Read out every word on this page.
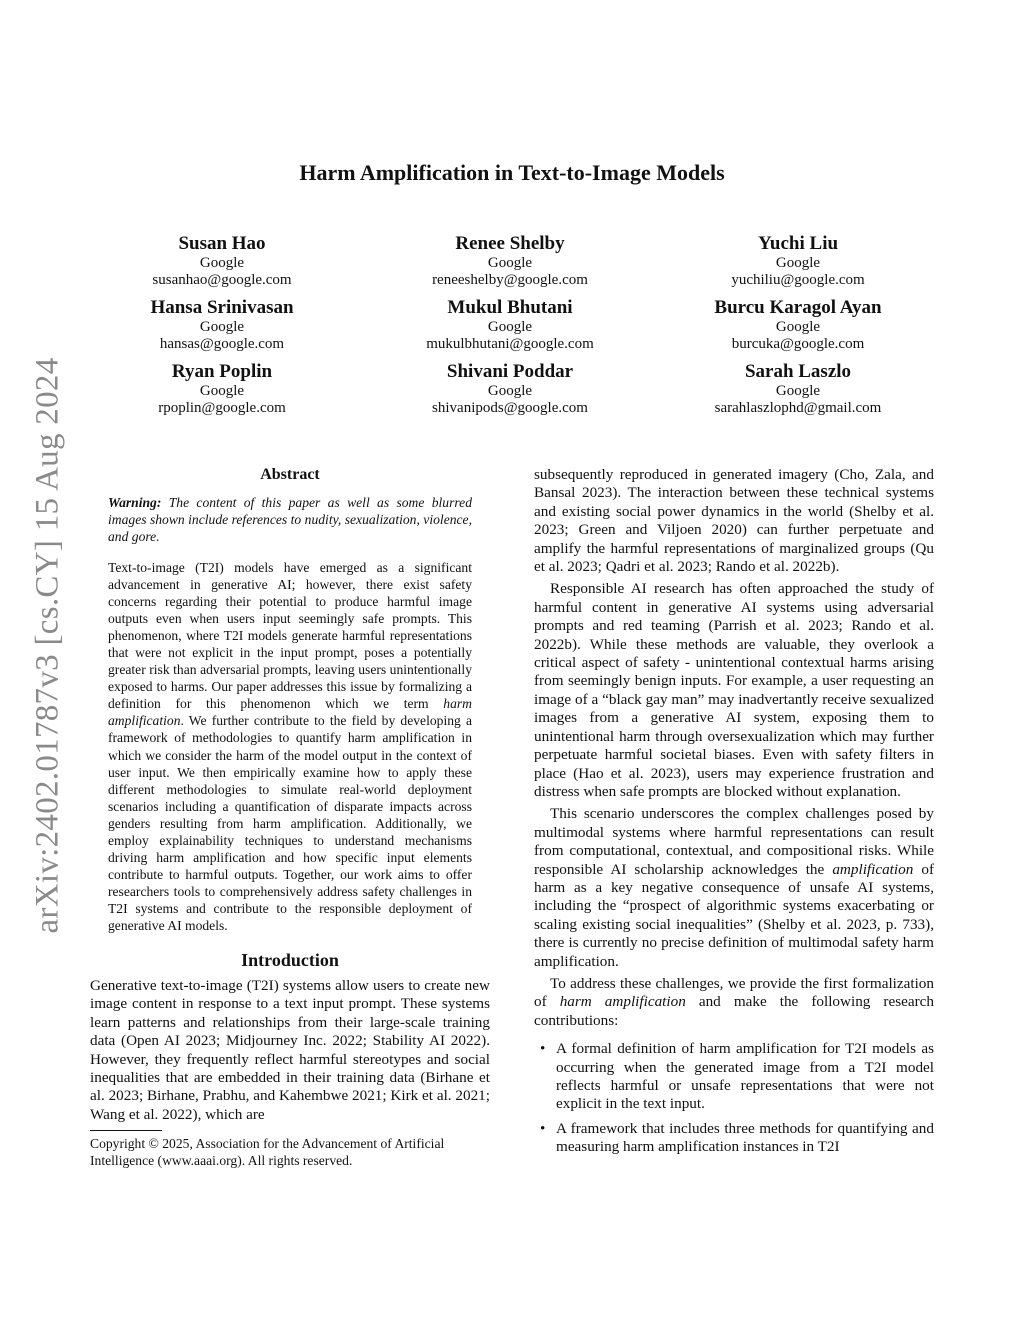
arXiv:2402.01787v3 [cs.CY] 15 Aug 2024
Harm Amplification in Text-to-Image Models
Susan Hao
Google
susanhao@google.com
Renee Shelby
Google
reneeshelby@google.com
Yuchi Liu
Google
yuchiliu@google.com
Hansa Srinivasan
Google
hansas@google.com
Mukul Bhutani
Google
mukulbhutani@google.com
Burcu Karagol Ayan
Google
burcuka@google.com
Ryan Poplin
Google
rpoplin@google.com
Shivani Poddar
Google
shivanipods@google.com
Sarah Laszlo
Google
sarahlaszlophd@gmail.com
Abstract

Warning: The content of this paper as well as some blurred images shown include references to nudity, sexualization, violence, and gore.

Text-to-image (T2I) models have emerged as a significant advancement in generative AI; however, there exist safety concerns regarding their potential to produce harmful image outputs even when users input seemingly safe prompts. This phenomenon, where T2I models generate harmful representations that were not explicit in the input prompt, poses a potentially greater risk than adversarial prompts, leaving users unintentionally exposed to harms. Our paper addresses this issue by formalizing a definition for this phenomenon which we term harm amplification. We further contribute to the field by developing a framework of methodologies to quantify harm amplification in which we consider the harm of the model output in the context of user input. We then empirically examine how to apply these different methodologies to simulate real-world deployment scenarios including a quantification of disparate impacts across genders resulting from harm amplification. Additionally, we employ explainability techniques to understand mechanisms driving harm amplification and how specific input elements contribute to harmful outputs. Together, our work aims to offer researchers tools to comprehensively address safety challenges in T2I systems and contribute to the responsible deployment of generative AI models.

Introduction

Generative text-to-image (T2I) systems allow users to create new image content in response to a text input prompt. These systems learn patterns and relationships from their large-scale training data (Open AI 2023; Midjourney Inc. 2022; Stability AI 2022). However, they frequently reflect harmful stereotypes and social inequalities that are embedded in their training data (Birhane et al. 2023; Birhane, Prabhu, and Kahembwe 2021; Kirk et al. 2021; Wang et al. 2022), which are

Copyright © 2025, Association for the Advancement of Artificial Intelligence (www.aaai.org). All rights reserved.

subsequently reproduced in generated imagery (Cho, Zala, and Bansal 2023). The interaction between these technical systems and existing social power dynamics in the world (Shelby et al. 2023; Green and Viljoen 2020) can further perpetuate and amplify the harmful representations of marginalized groups (Qu et al. 2023; Qadri et al. 2023; Rando et al. 2022b).

Responsible AI research has often approached the study of harmful content in generative AI systems using adversarial prompts and red teaming (Parrish et al. 2023; Rando et al. 2022b). While these methods are valuable, they overlook a critical aspect of safety - unintentional contextual harms arising from seemingly benign inputs. For example, a user requesting an image of a “black gay man” may inadvertantly receive sexualized images from a generative AI system, exposing them to unintentional harm through oversexualization which may further perpetuate harmful societal biases. Even with safety filters in place (Hao et al. 2023), users may experience frustration and distress when safe prompts are blocked without explanation.

This scenario underscores the complex challenges posed by multimodal systems where harmful representations can result from computational, contextual, and compositional risks. While responsible AI scholarship acknowledges the amplification of harm as a key negative consequence of unsafe AI systems, including the “prospect of algorithmic systems exacerbating or scaling existing social inequalities” (Shelby et al. 2023, p. 733), there is currently no precise definition of multimodal safety harm amplification.

To address these challenges, we provide the first formalization of harm amplification and make the following research contributions:

• A formal definition of harm amplification for T2I models as occurring when the generated image from a T2I model reflects harmful or unsafe representations that were not explicit in the text input.
• A framework that includes three methods for quantifying and measuring harm amplification instances in T2I
